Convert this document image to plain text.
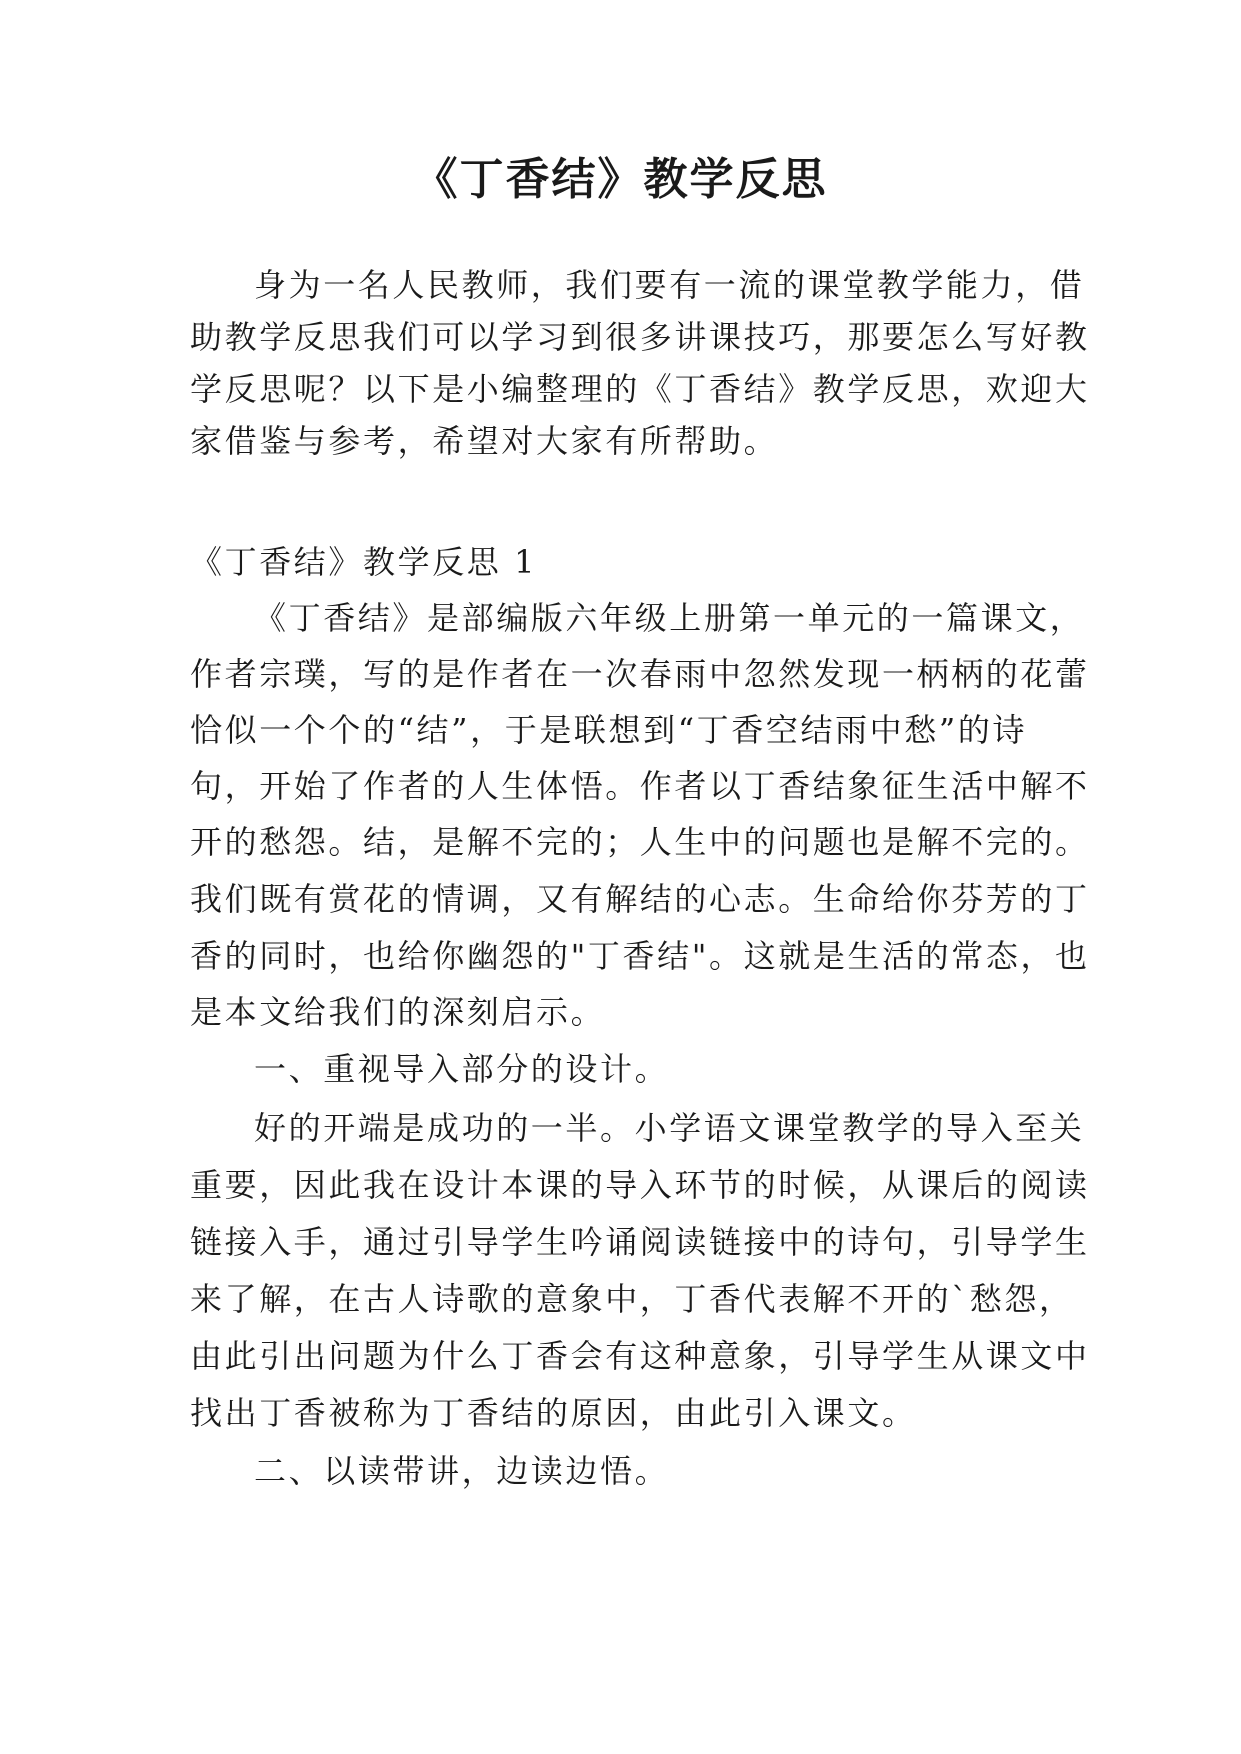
《丁香结》教学反思
身为一名人民教师，我们要有一流的课堂教学能力，借
助教学反思我们可以学习到很多讲课技巧，那要怎么写好教
学反思呢？以下是小编整理的《丁香结》教学反思，欢迎大
家借鉴与参考，希望对大家有所帮助。
《丁香结》教学反思 1
《丁香结》是部编版六年级上册第一单元的一篇课文，
作者宗璞，写的是作者在一次春雨中忽然发现一柄柄的花蕾
恰似一个个的“结”，于是联想到“丁香空结雨中愁”的诗
句，开始了作者的人生体悟。作者以丁香结象征生活中解不
开的愁怨。结，是解不完的；人生中的问题也是解不完的。
我们既有赏花的情调，又有解结的心志。生命给你芬芳的丁
香的同时，也给你幽怨的"丁香结"。这就是生活的常态，也
是本文给我们的深刻启示。
一、重视导入部分的设计。
好的开端是成功的一半。小学语文课堂教学的导入至关
重要，因此我在设计本课的导入环节的时候，从课后的阅读
链接入手，通过引导学生吟诵阅读链接中的诗句，引导学生
来了解，在古人诗歌的意象中，丁香代表解不开的`愁怨，
由此引出问题为什么丁香会有这种意象，引导学生从课文中
找出丁香被称为丁香结的原因，由此引入课文。
二、以读带讲，边读边悟。
